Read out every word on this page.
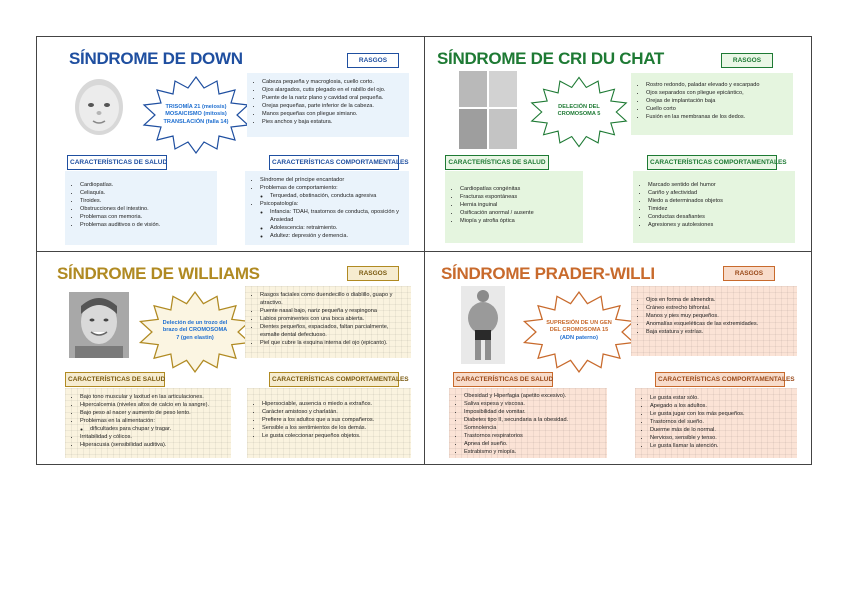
SÍNDROME DE DOWN
TRISOMÍA 21 (meiosis)
MOSAICISMO (mitosis)
TRANSLACIÓN (falla 14)
RASGOS
• Cabeza pequeña y macroglosia, cuello corto.
• Ojos alargados, cutis plegado en el rabillo del ojo.
• Puente de la nariz plano y cavidad oral pequeña.
• Orejas pequeñas, parte inferior de la cabeza.
• Manos pequeñas con pliegue simiano.
• Pies anchos y baja estatura.
CARACTERÍSTICAS DE SALUD
• Cardiopatías.
• Celiaquía.
• Tiroides.
• Obstrucciones del intestino.
• Problemas con memoria.
• Problemas auditivos o de visión.
CARACTERÍSTICAS COMPORTAMENTALES
• Síndrome del príncipe encantador
• Problemas de comportamiento:
◦ Terquedad, obstinación, conducta agresiva
• Psicopatología:
◦ Infancia: TDAH, trastornos de conducta, oposición y Ansiedad
◦ Adolescencia: retraimiento.
◦ Adultez: depresión y demencia.
SÍNDROME DE CRI DU CHAT
DELECIÓN DEL
CROMOSOMA 5
RASGOS
• Rostro redondo, paladar elevado y escarpado
• Ojos separados con pliegue epicántico,
• Orejas de implantación baja
• Cuello corto
• Fusión en las membranas de los dedos.
CARACTERÍSTICAS DE SALUD
• Cardiopatías congénitas
• Fracturas espontáneas
• Hernia inguinal
• Osificación anormal / ausente
• Miopía y atrofia óptica
CARACTERÍSTICAS COMPORTAMENTALES
• Marcado sentido del humor
• Cariño y afectividad
• Miedo a determinados objetos
• Timidez
• Conductas desafiantes
• Agresiones y autolesiones
SÍNDROME DE WILLIAMS
Deleción de un trozo del
brazo del CROMOSOMA
7 (gen elastin)
RASGOS
• Rasgos faciales como duendecillo o diablillo, guapo y atractivo.
• Puente nasal bajo, nariz pequeña y respingona
• Labios prominentes con una boca abierta.
• Dientes pequeños, espaciados, faltan parcialmente, esmalte dental defectuoso.
• Piel que cubre la esquina interna del ojo (epicanto).
CARACTERÍSTICAS DE SALUD
• Bajo tono muscular y laxitud en las articulaciones.
• Hipercalcemia (niveles altos de calcio en la sangre).
• Bajo peso al nacer y aumento de peso lento.
• Problemas en la alimentación:
◦ dificultades para chupar y tragar.
• Irritabilidad y cólicos.
• Hiperacusia (sensibilidad auditiva).
CARACTERÍSTICAS COMPORTAMENTALES
• Hipersociable, ausencia o miedo a extraños.
• Carácter amistoso y charlatán.
• Prefiere a los adultos que a sus compañeros.
• Sensible a los sentimientos de los demás.
• Le gusta coleccionar pequeños objetos.
SÍNDROME PRADER-WILLI
SUPRESIÓN DE UN GEN
DEL CROMOSOMA 15
(ADN paterno)
RASGOS
• Ojos en forma de almendra.
• Cráneo estrecho bifrontal.
• Manos y pies muy pequeños.
• Anomalías esqueléticas de las extremidades.
• Baja estatura y estrías.
CARACTERÍSTICAS DE SALUD
• Obesidad y Hiperfagia (apetito excesivo).
• Saliva espesa y viscosa.
• Imposibilidad de vomitar.
• Diabetes tipo II, secundaria a la obesidad.
• Somnolencia
• Trastornos respiratorios
• Apnea del sueño.
• Estrabismo y miopía.
CARACTERÍSTICAS COMPORTAMENTALES
• Le gusta estar sólo.
• Apegado a los adultos.
• Le gusta jugar con los más pequeños.
• Trastornos del sueño.
• Duerme más de lo normal.
• Nervioso, sensible y tenso.
• Le gusta llamar la atención.
